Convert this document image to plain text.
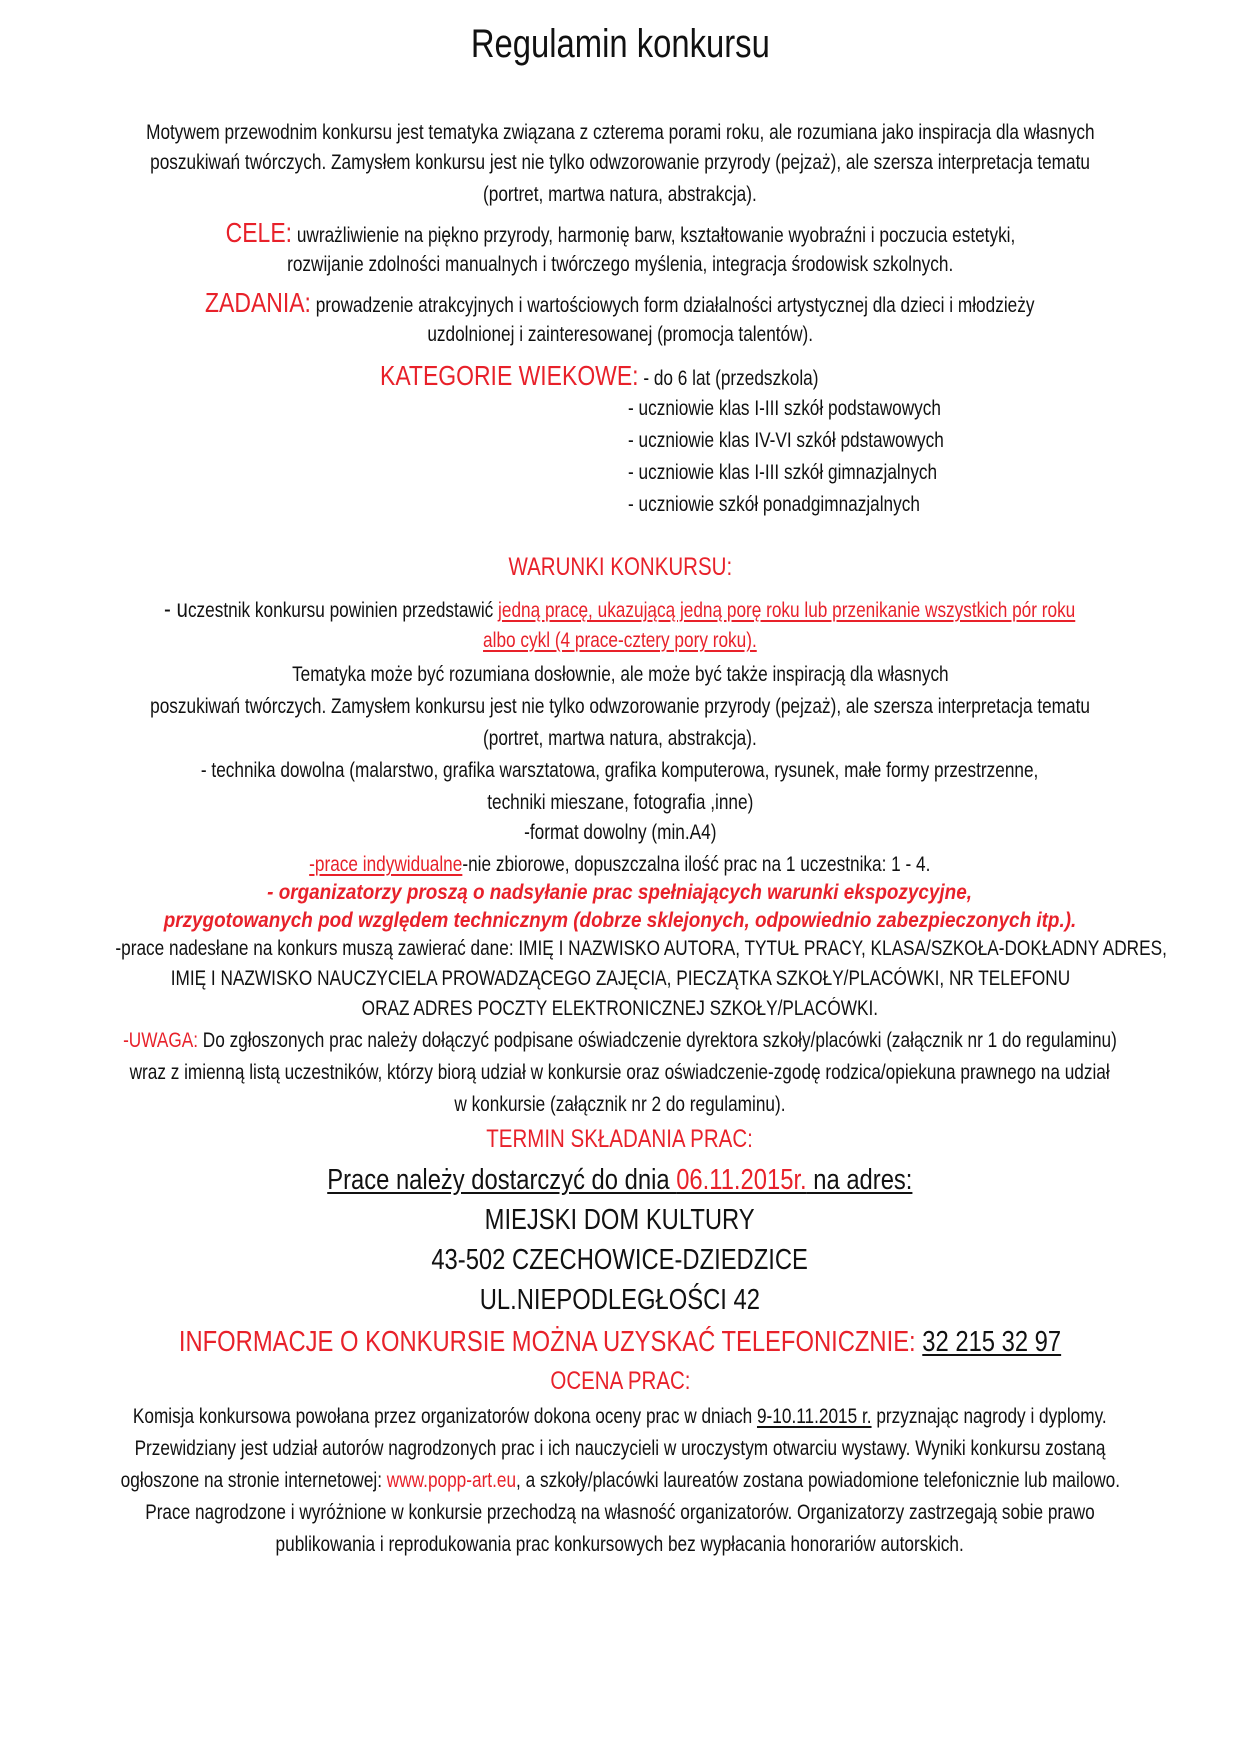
Regulamin konkursu
Motywem przewodnim konkursu jest tematyka związana z czterema porami roku, ale rozumiana jako inspiracja dla własnych
poszukiwań twórczych. Zamysłem konkursu jest nie tylko odwzorowanie przyrody (pejzaż), ale szersza interpretacja tematu
(portret, martwa natura, abstrakcja).
CELE: uwrażliwienie na piękno przyrody, harmonię barw, kształtowanie wyobraźni i poczucia estetyki,
rozwijanie zdolności manualnych i twórczego myślenia, integracja środowisk szkolnych.
ZADANIA: prowadzenie atrakcyjnych i wartościowych form działalności artystycznej dla dzieci i młodzieży
uzdolnionej i zainteresowanej (promocja talentów).
KATEGORIE WIEKOWE: - do 6 lat (przedszkola)
- uczniowie klas I-III szkół podstawowych
- uczniowie klas IV-VI szkół pdstawowych
- uczniowie klas I-III szkół gimnazjalnych
- uczniowie szkół ponadgimnazjalnych
WARUNKI KONKURSU:
- uczestnik konkursu powinien przedstawić jedną pracę, ukazującą jedną porę roku lub przenikanie wszystkich pór roku
albo cykl (4 prace-cztery pory roku).
Tematyka może być rozumiana dosłownie, ale może być także inspiracją dla własnych
poszukiwań twórczych. Zamysłem konkursu jest nie tylko odwzorowanie przyrody (pejzaż), ale szersza interpretacja tematu
(portret, martwa natura, abstrakcja).
- technika dowolna (malarstwo, grafika warsztatowa, grafika komputerowa, rysunek, małe formy przestrzenne,
techniki mieszane, fotografia ,inne)
-format dowolny (min.A4)
-prace indywidualne-nie zbiorowe, dopuszczalna ilość prac na 1 uczestnika: 1 - 4.
- organizatorzy proszą o nadsyłanie prac spełniających warunki ekspozycyjne,
przygotowanych pod względem technicznym (dobrze sklejonych, odpowiednio zabezpieczonych itp.).
-prace nadesłane na konkurs muszą zawierać dane: IMIĘ I NAZWISKO AUTORA, TYTUŁ PRACY, KLASA/SZKOŁA-DOKŁADNY ADRES,
IMIĘ I NAZWISKO NAUCZYCIELA PROWADZĄCEGO ZAJĘCIA, PIECZĄTKA SZKOŁY/PLACÓWKI, NR TELEFONU
ORAZ ADRES POCZTY ELEKTRONICZNEJ SZKOŁY/PLACÓWKI.
-UWAGA: Do zgłoszonych prac należy dołączyć podpisane oświadczenie dyrektora szkoły/placówki (załącznik nr 1 do regulaminu)
wraz z imienną listą uczestników, którzy biorą udział w konkursie oraz oświadczenie-zgodę rodzica/opiekuna prawnego na udział
w konkursie (załącznik nr 2 do regulaminu).
TERMIN SKŁADANIA PRAC:
Prace należy dostarczyć do dnia 06.11.2015r. na adres:
MIEJSKI DOM KULTURY
43-502 CZECHOWICE-DZIEDZICE
UL.NIEPODLEGŁOŚCI 42
INFORMACJE O KONKURSIE MOŻNA UZYSKAĆ TELEFONICZNIE: 32 215 32 97
OCENA PRAC:
Komisja konkursowa powołana przez organizatorów dokona oceny prac w dniach 9-10.11.2015 r. przyznając nagrody i dyplomy.
Przewidziany jest udział autorów nagrodzonych prac i ich nauczycieli w uroczystym otwarciu wystawy. Wyniki konkursu zostaną
ogłoszone na stronie internetowej: www.popp-art.eu, a szkoły/placówki laureatów zostana powiadomione telefonicznie lub mailowo.
Prace nagrodzone i wyróżnione w konkursie przechodzą na własność organizatorów. Organizatorzy zastrzegają sobie prawo
publikowania i reprodukowania prac konkursowych bez wypłacania honorariów autorskich.
